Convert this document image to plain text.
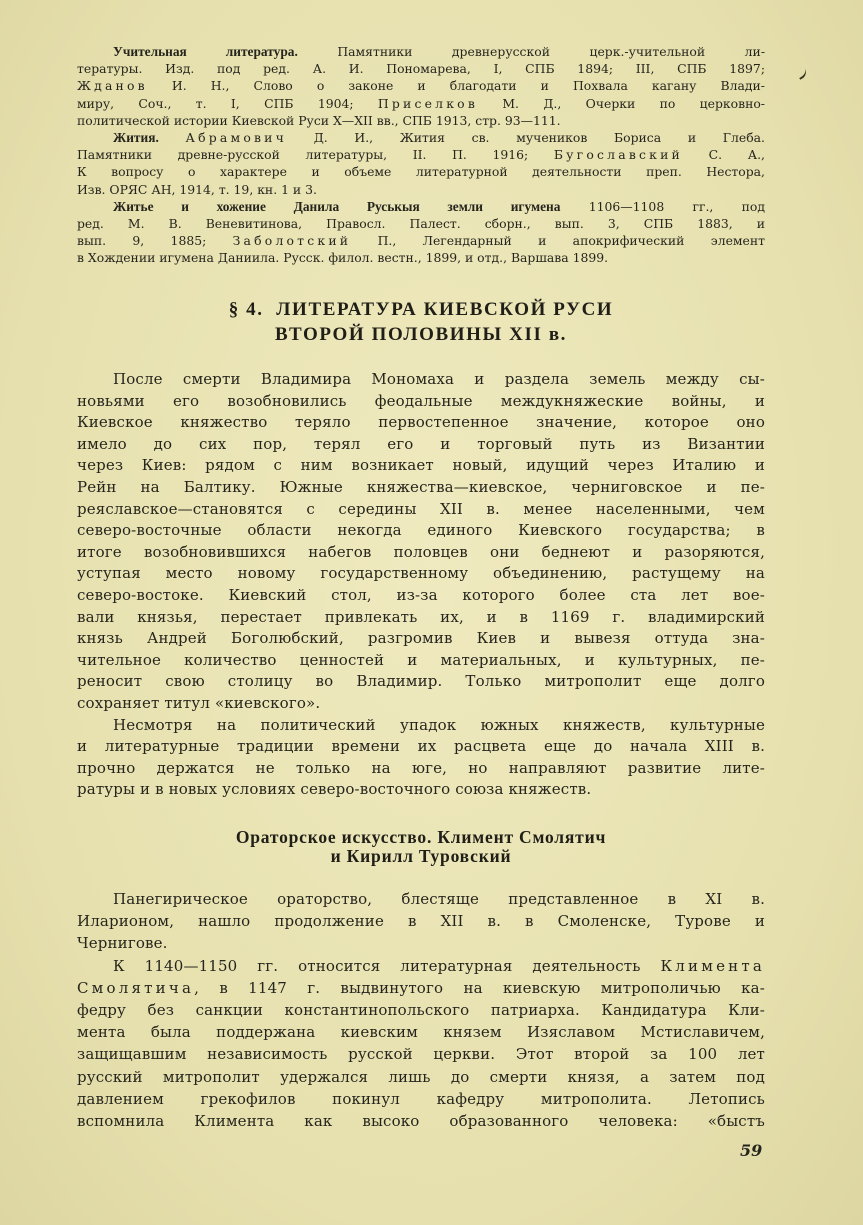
Учительная литература. Памятники древнерусской церк.-учительной ли-
тературы. Изд. под ред. А. И. Пономарева, I, СПБ 1894; III, СПБ 1897;
Жданов И. Н., Слово о законе и благодати и Похвала кагану Влади-
миру, Соч., т. I, СПБ 1904; Приселков М. Д., Очерки по церковно-
политической истории Киевской Руси X—XII вв., СПБ 1913, стр. 93—111.
Жития. Абрамович Д. И., Жития св. мучеников Бориса и Глеба.
Памятники древне-русской литературы, II. П. 1916; Бугославский С. А.,
К вопросу о характере и объеме литературной деятельности преп. Нестора,
Изв. ОРЯС АН, 1914, т. 19, кн. 1 и 3.
Житье и хожение Данила Руськыя земли игумена 1106—1108 гг., под
ред. М. В. Веневитинова, Правосл. Палест. сборн., вып. 3, СПБ 1883, и
вып. 9, 1885; Заболотский П., Легендарный и апокрифический элемент
в Хождении игумена Даниила. Русск. филол. вестн., 1899, и отд., Варшава 1899.
§ 4.  ЛИТЕРАТУРА КИЕВСКОЙ РУСИ
ВТОРОЙ ПОЛОВИНЫ XII в.
После смерти Владимира Мономаха и раздела земель между сы-
новьями его возобновились феодальные междукняжеские войны, и
Киевское княжество теряло первостепенное значение, которое оно
имело до сих пор, терял его и торговый путь из Византии
через Киев: рядом с ним возникает новый, идущий через Италию и
Рейн на Балтику. Южные княжества—киевское, черниговское и пе-
реяславское—становятся с середины XII в. менее населенными, чем
северо-восточные области некогда единого Киевского государства; в
итоге возобновившихся набегов половцев они беднеют и разоряются,
уступая место новому государственному объединению, растущему на
северо-востоке. Киевский стол, из-за которого более ста лет вое-
вали князья, перестает привлекать их, и в 1169 г. владимирский
князь Андрей Боголюбский, разгромив Киев и вывезя оттуда зна-
чительное количество ценностей и материальных, и культурных, пе-
реносит свою столицу во Владимир. Только митрополит еще долго
сохраняет титул «киевского».
Несмотря на политический упадок южных княжеств, культурные
и литературные традиции времени их расцвета еще до начала XIII в.
прочно держатся не только на юге, но направляют развитие лите-
ратуры и в новых условиях северо-восточного союза княжеств.
Ораторское искусство. Климент Смолятич
и Кирилл Туровский
Панегирическое ораторство, блестяще представленное в XI в.
Иларионом, нашло продолжение в XII в. в Смоленске, Турове и
Чернигове.
К 1140—1150 гг. относится литературная деятельность Климента
Смолятича, в 1147 г. выдвинутого на киевскую митрополичью ка-
федру без санкции константинопольского патриарха. Кандидатура Кли-
мента была поддержана киевским князем Изяславом Мстиславичем,
защищавшим независимость русской церкви. Этот второй за 100 лет
русский митрополит удержался лишь до смерти князя, а затем под
давлением грекофилов покинул кафедру митрополита. Летопись
вспомнила Климента как высоко образованного человека: «быстъ
59
